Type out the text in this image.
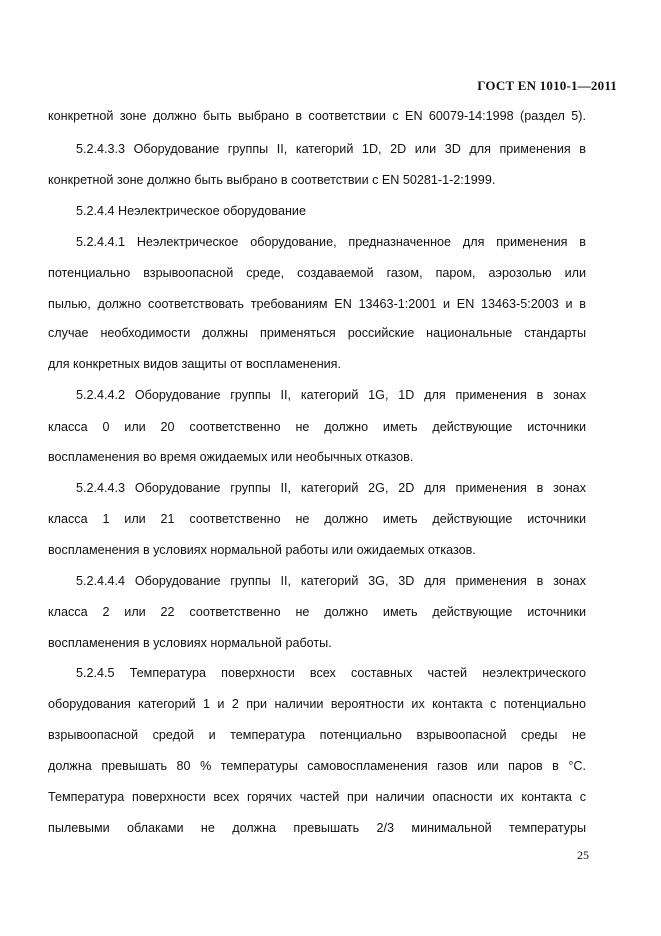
ГОСТ EN 1010-1—2011
конкретной зоне должно быть выбрано в соответствии с EN 60079-14:1998 (раздел 5).
5.2.4.3.3 Оборудование группы II, категорий 1D, 2D или 3D для применения в
конкретной зоне должно быть выбрано в соответствии с EN 50281-1-2:1999.
5.2.4.4 Неэлектрическое оборудование
5.2.4.4.1 Неэлектрическое оборудование, предназначенное для применения в
потенциально взрывоопасной среде, создаваемой газом, паром, аэрозолью или
пылью, должно соответствовать требованиям EN 13463-1:2001 и EN 13463-5:2003 и в
случае необходимости должны применяться российские национальные стандарты
для конкретных видов защиты от воспламенения.
5.2.4.4.2 Оборудование группы II, категорий 1G, 1D для применения в зонах
класса 0 или 20 соответственно не должно иметь действующие источники
воспламенения во время ожидаемых или необычных отказов.
5.2.4.4.3 Оборудование группы II, категорий 2G, 2D для применения в зонах
класса 1 или 21 соответственно не должно иметь действующие источники
воспламенения в условиях нормальной работы или ожидаемых отказов.
5.2.4.4.4 Оборудование группы II, категорий 3G, 3D для применения в зонах
класса 2 или 22 соответственно не должно иметь действующие источники
воспламенения в условиях нормальной работы.
5.2.4.5 Температура поверхности всех составных частей неэлектрического
оборудования категорий 1 и 2 при наличии вероятности их контакта с потенциально
взрывоопасной средой и температура потенциально взрывоопасной среды не
должна превышать 80 % температуры самовоспламенения газов или паров в °С.
Температура поверхности всех горячих частей при наличии опасности их контакта с
пылевыми облаками не должна превышать 2/3 минимальной температуры
25
